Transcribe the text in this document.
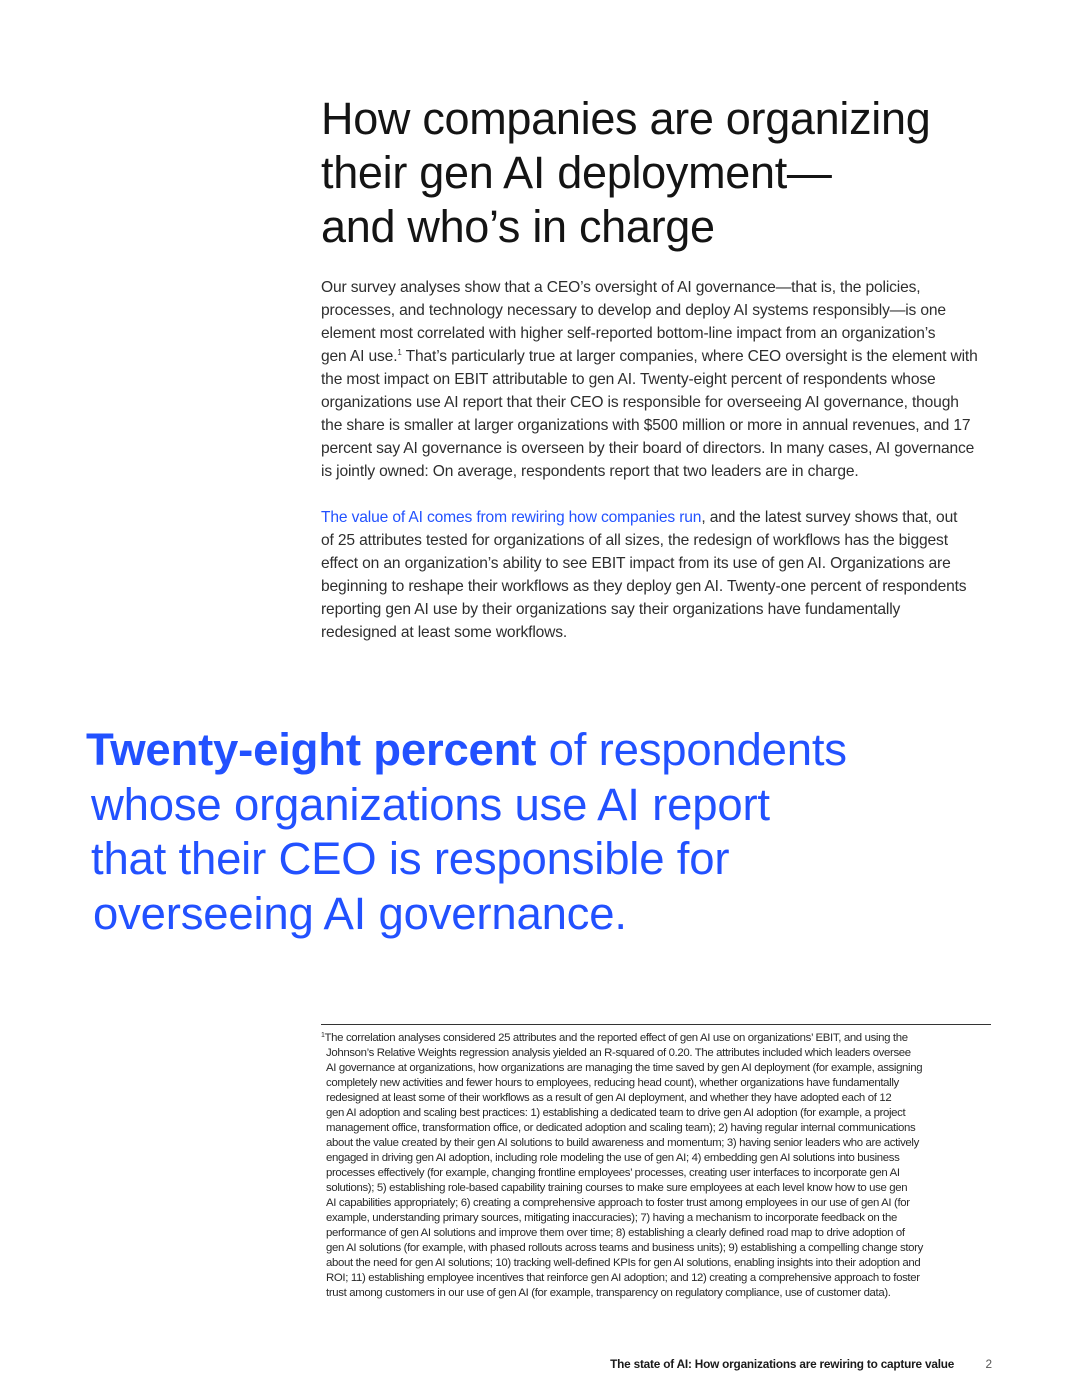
How companies are organizing
their gen AI deployment—
and who’s in charge

Our survey analyses show that a CEO’s oversight of AI governance—that is, the policies,
processes, and technology necessary to develop and deploy AI systems responsibly—is one
element most correlated with higher self-reported bottom-line impact from an organization’s
gen AI use.$^1$ That’s particularly true at larger companies, where CEO oversight is the element with
the most impact on EBIT attributable to gen AI. Twenty-eight percent of respondents whose
organizations use AI report that their CEO is responsible for overseeing AI governance, though
the share is smaller at larger organizations with $500 million or more in annual revenues, and 17
percent say AI governance is overseen by their board of directors. In many cases, AI governance
is jointly owned: On average, respondents report that two leaders are in charge.

The value of AI comes from rewiring how companies run, and the latest survey shows that, out
of 25 attributes tested for organizations of all sizes, the redesign of workflows has the biggest
effect on an organization’s ability to see EBIT impact from its use of gen AI. Organizations are
beginning to reshape their workflows as they deploy gen AI. Twenty-one percent of respondents
reporting gen AI use by their organizations say their organizations have fundamentally
redesigned at least some workflows.

Twenty-eight percent of respondents
whose organizations use AI report
that their CEO is responsible for
overseeing AI governance.
$^1$The correlation analyses considered 25 attributes and the reported effect of gen AI use on organizations’ EBIT, and using the
Johnson’s Relative Weights regression analysis yielded an R-squared of 0.20. The attributes included which leaders oversee
AI governance at organizations, how organizations are managing the time saved by gen AI deployment (for example, assigning
completely new activities and fewer hours to employees, reducing head count), whether organizations have fundamentally
redesigned at least some of their workflows as a result of gen AI deployment, and whether they have adopted each of 12
gen AI adoption and scaling best practices: 1) establishing a dedicated team to drive gen AI adoption (for example, a project
management office, transformation office, or dedicated adoption and scaling team); 2) having regular internal communications
about the value created by their gen AI solutions to build awareness and momentum; 3) having senior leaders who are actively
engaged in driving gen AI adoption, including role modeling the use of gen AI; 4) embedding gen AI solutions into business
processes effectively (for example, changing frontline employees’ processes, creating user interfaces to incorporate gen AI
solutions); 5) establishing role-based capability training courses to make sure employees at each level know how to use gen
AI capabilities appropriately; 6) creating a comprehensive approach to foster trust among employees in our use of gen AI (for
example, understanding primary sources, mitigating inaccuracies); 7) having a mechanism to incorporate feedback on the
performance of gen AI solutions and improve them over time; 8) establishing a clearly defined road map to drive adoption of
gen AI solutions (for example, with phased rollouts across teams and business units); 9) establishing a compelling change story
about the need for gen AI solutions; 10) tracking well-defined KPIs for gen AI solutions, enabling insights into their adoption and
ROI; 11) establishing employee incentives that reinforce gen AI adoption; and 12) creating a comprehensive approach to foster
trust among customers in our use of gen AI (for example, transparency on regulatory compliance, use of customer data).
The state of AI: How organizations are rewiring to capture value	2
